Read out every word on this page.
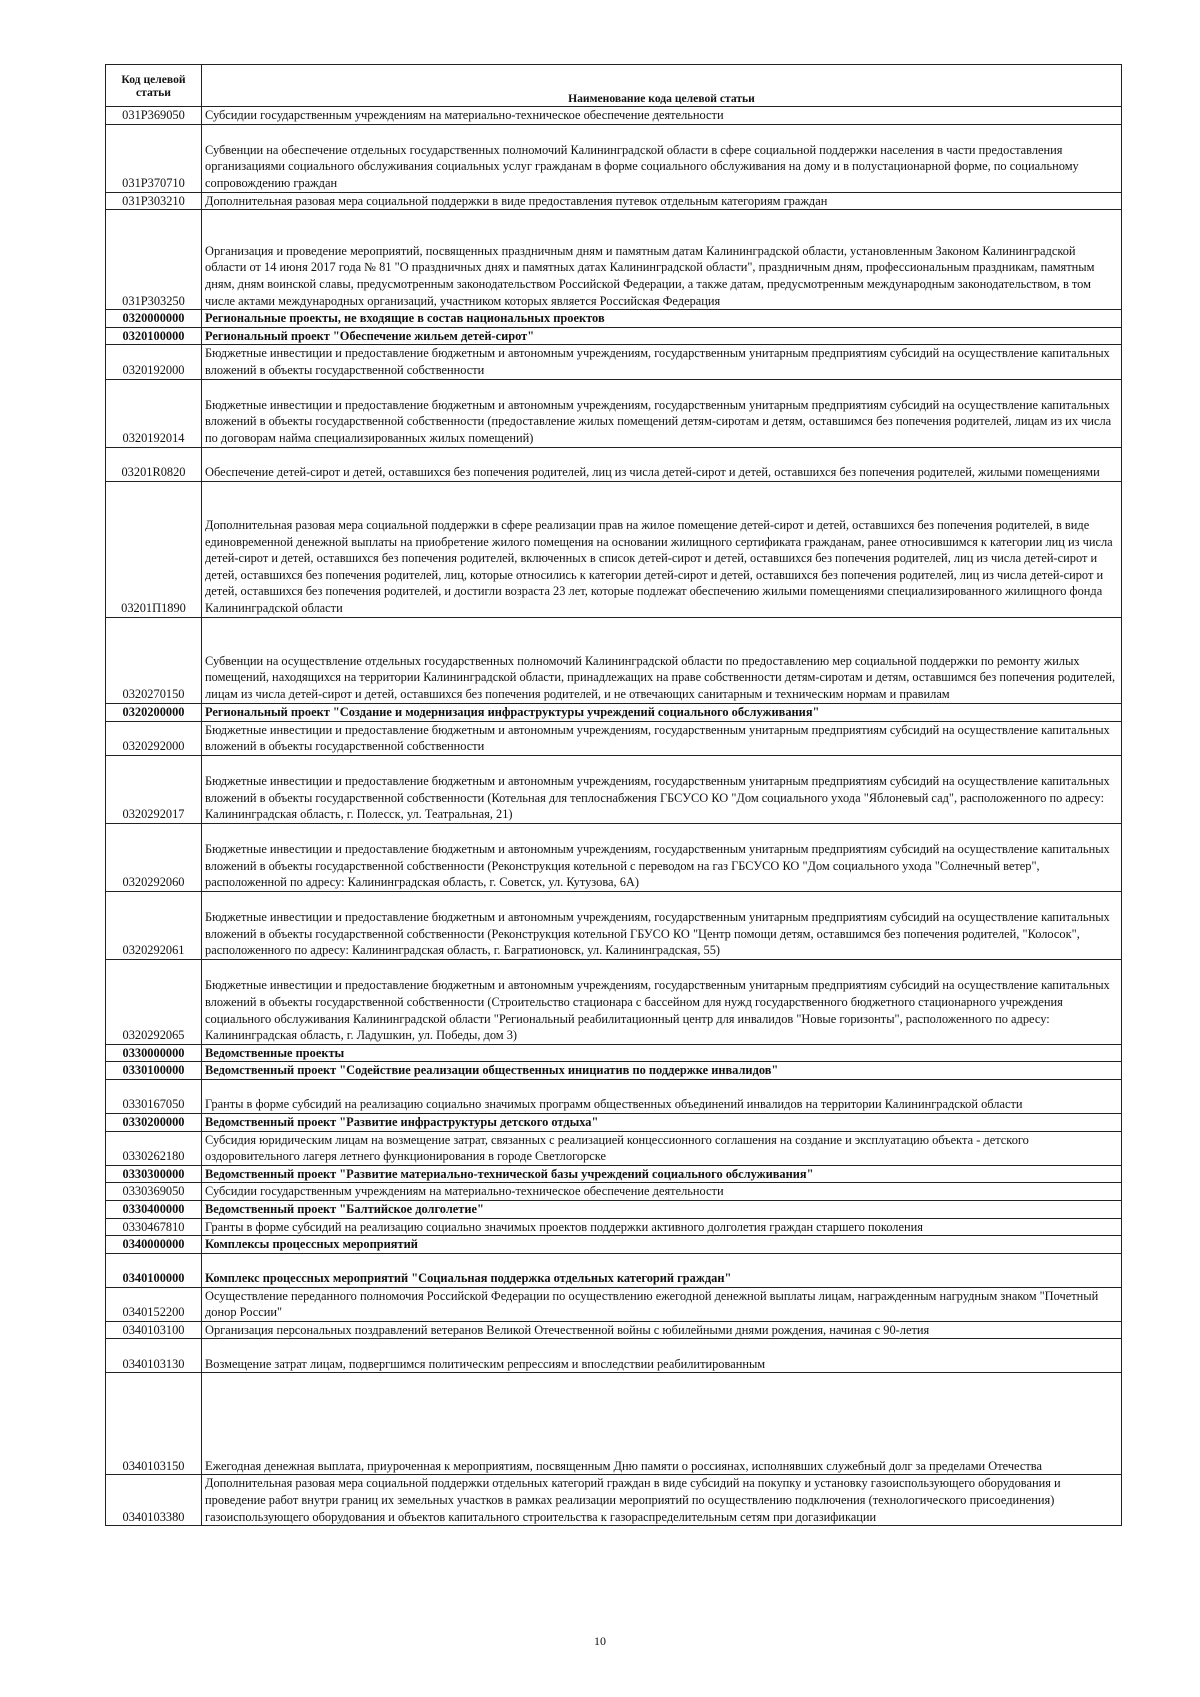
Код целевой статьи	Наименование кода целевой статьи
031P369050	Субсидии государственным учреждениям на материально-техническое обеспечение деятельности
031P370710	Субвенции на обеспечение отдельных государственных полномочий Калининградской области в сфере социальной поддержки населения в части предоставления организациями социального обслуживания социальных услуг гражданам в форме социального обслуживания на дому и в полустационарной форме, по социальному сопровождению граждан
031P303210	Дополнительная разовая мера социальной поддержки в виде предоставления путевок отдельным категориям граждан
031P303250	Организация и проведение мероприятий, посвященных праздничным дням и памятным датам Калининградской области, установленным Законом Калининградской области от 14 июня 2017 года № 81 "О праздничных днях и памятных датах Калининградской области", праздничным дням, профессиональным праздникам, памятным дням, дням воинской славы, предусмотренным законодательством Российской Федерации, а также датам, предусмотренным международным законодательством, в том числе актами международных организаций, участником которых является Российская Федерация
0320000000	Региональные проекты, не входящие в состав национальных проектов
0320100000	Региональный проект "Обеспечение жильем детей-сирот"
0320192000	Бюджетные инвестиции и предоставление бюджетным и автономным учреждениям, государственным унитарным предприятиям субсидий на осуществление капитальных вложений в объекты государственной собственности
0320192014	Бюджетные инвестиции и предоставление бюджетным и автономным учреждениям, государственным унитарным предприятиям субсидий на осуществление капитальных вложений в объекты государственной собственности (предоставление жилых помещений детям-сиротам и детям, оставшимся без попечения родителей, лицам из их числа по договорам найма специализированных жилых помещений)
03201R0820	Обеспечение детей-сирот и детей, оставшихся без попечения родителей, лиц из числа детей-сирот и детей, оставшихся без попечения родителей, жилыми помещениями
03201П1890	Дополнительная разовая мера социальной поддержки в сфере реализации прав на жилое помещение детей-сирот и детей, оставшихся без попечения родителей, в виде единовременной денежной выплаты на приобретение жилого помещения на основании жилищного сертификата гражданам, ранее относившимся к категории лиц из числа детей-сирот и детей, оставшихся без попечения родителей, включенных в список детей-сирот и детей, оставшихся без попечения родителей, лиц из числа детей-сирот и детей, оставшихся без попечения родителей, лиц, которые относились к категории детей-сирот и детей, оставшихся без попечения родителей, лиц из числа детей-сирот и детей, оставшихся без попечения родителей, и достигли возраста 23 лет, которые подлежат обеспечению жилыми помещениями специализированного жилищного фонда Калининградской области
0320270150	Субвенции на осуществление отдельных государственных полномочий Калининградской области по предоставлению мер социальной поддержки по ремонту жилых помещений, находящихся на территории Калининградской области, принадлежащих на праве собственности детям-сиротам и детям, оставшимся без попечения родителей, лицам из числа детей-сирот и детей, оставшихся без попечения родителей, и не отвечающих санитарным и техническим нормам и правилам
0320200000	Региональный проект "Создание и модернизация инфраструктуры учреждений социального обслуживания"
0320292000	Бюджетные инвестиции и предоставление бюджетным и автономным учреждениям, государственным унитарным предприятиям субсидий на осуществление капитальных вложений в объекты государственной собственности
0320292017	Бюджетные инвестиции и предоставление бюджетным и автономным учреждениям, государственным унитарным предприятиям субсидий на осуществление капитальных вложений в объекты государственной собственности (Котельная для теплоснабжения ГБСУСО КО "Дом социального ухода "Яблоневый сад", расположенного по адресу: Калининградская область, г. Полесск, ул. Театральная, 21)
0320292060	Бюджетные инвестиции и предоставление бюджетным и автономным учреждениям, государственным унитарным предприятиям субсидий на осуществление капитальных вложений в объекты государственной собственности (Реконструкция котельной с переводом на газ ГБСУСО КО "Дом социального ухода "Солнечный ветер", расположенной по адресу: Калининградская область, г. Советск, ул. Кутузова, 6А)
0320292061	Бюджетные инвестиции и предоставление бюджетным и автономным учреждениям, государственным унитарным предприятиям субсидий на осуществление капитальных вложений в объекты государственной собственности (Реконструкция котельной ГБУСО КО "Центр помощи детям, оставшимся без попечения родителей, "Колосок", расположенного по адресу: Калининградская область, г. Багратионовск, ул. Калининградская, 55)
0320292065	Бюджетные инвестиции и предоставление бюджетным и автономным учреждениям, государственным унитарным предприятиям субсидий на осуществление капитальных вложений в объекты государственной собственности (Строительство стационара с бассейном для нужд государственного бюджетного стационарного учреждения социального обслуживания Калининградской области "Региональный реабилитационный центр для инвалидов "Новые горизонты", расположенного по адресу: Калининградская область, г. Ладушкин, ул. Победы, дом 3)
0330000000	Ведомственные проекты
0330100000	Ведомственный проект "Содействие реализации общественных инициатив по поддержке инвалидов"
0330167050	Гранты в форме субсидий на реализацию социально значимых программ общественных объединений инвалидов на территории Калининградской области
0330200000	Ведомственный проект "Развитие инфраструктуры детского отдыха"
0330262180	Субсидия юридическим лицам на возмещение затрат, связанных с реализацией концессионного соглашения на создание и эксплуатацию объекта - детского оздоровительного лагеря летнего функционирования в городе Светлогорске
0330300000	Ведомственный проект "Развитие материально-технической базы учреждений социального обслуживания"
0330369050	Субсидии государственным учреждениям на материально-техническое обеспечение деятельности
0330400000	Ведомственный проект "Балтийское долголетие"
0330467810	Гранты в форме субсидий на реализацию социально значимых проектов поддержки активного долголетия граждан старшего поколения
0340000000	Комплексы процессных мероприятий
0340100000	Комплекс процессных мероприятий "Социальная поддержка отдельных категорий граждан"
0340152200	Осуществление переданного полномочия Российской Федерации по осуществлению ежегодной денежной выплаты лицам, награжденным нагрудным знаком "Почетный донор России"
0340103100	Организация персональных поздравлений ветеранов Великой Отечественной войны с юбилейными днями рождения, начиная с 90-летия
0340103130	Возмещение затрат лицам, подвергшимся политическим репрессиям и впоследствии реабилитированным
0340103150	Ежегодная денежная выплата, приуроченная к мероприятиям, посвященным Дню памяти о россиянах, исполнявших служебный долг за пределами Отечества
0340103380	Дополнительная разовая мера социальной поддержки отдельных категорий граждан в виде субсидий на покупку и установку газоиспользующего оборудования и проведение работ внутри границ их земельных участков в рамках реализации мероприятий по осуществлению подключения (технологического присоединения) газоиспользующего оборудования и объектов капитального строительства к газораспределительным сетям при догазификации
10
